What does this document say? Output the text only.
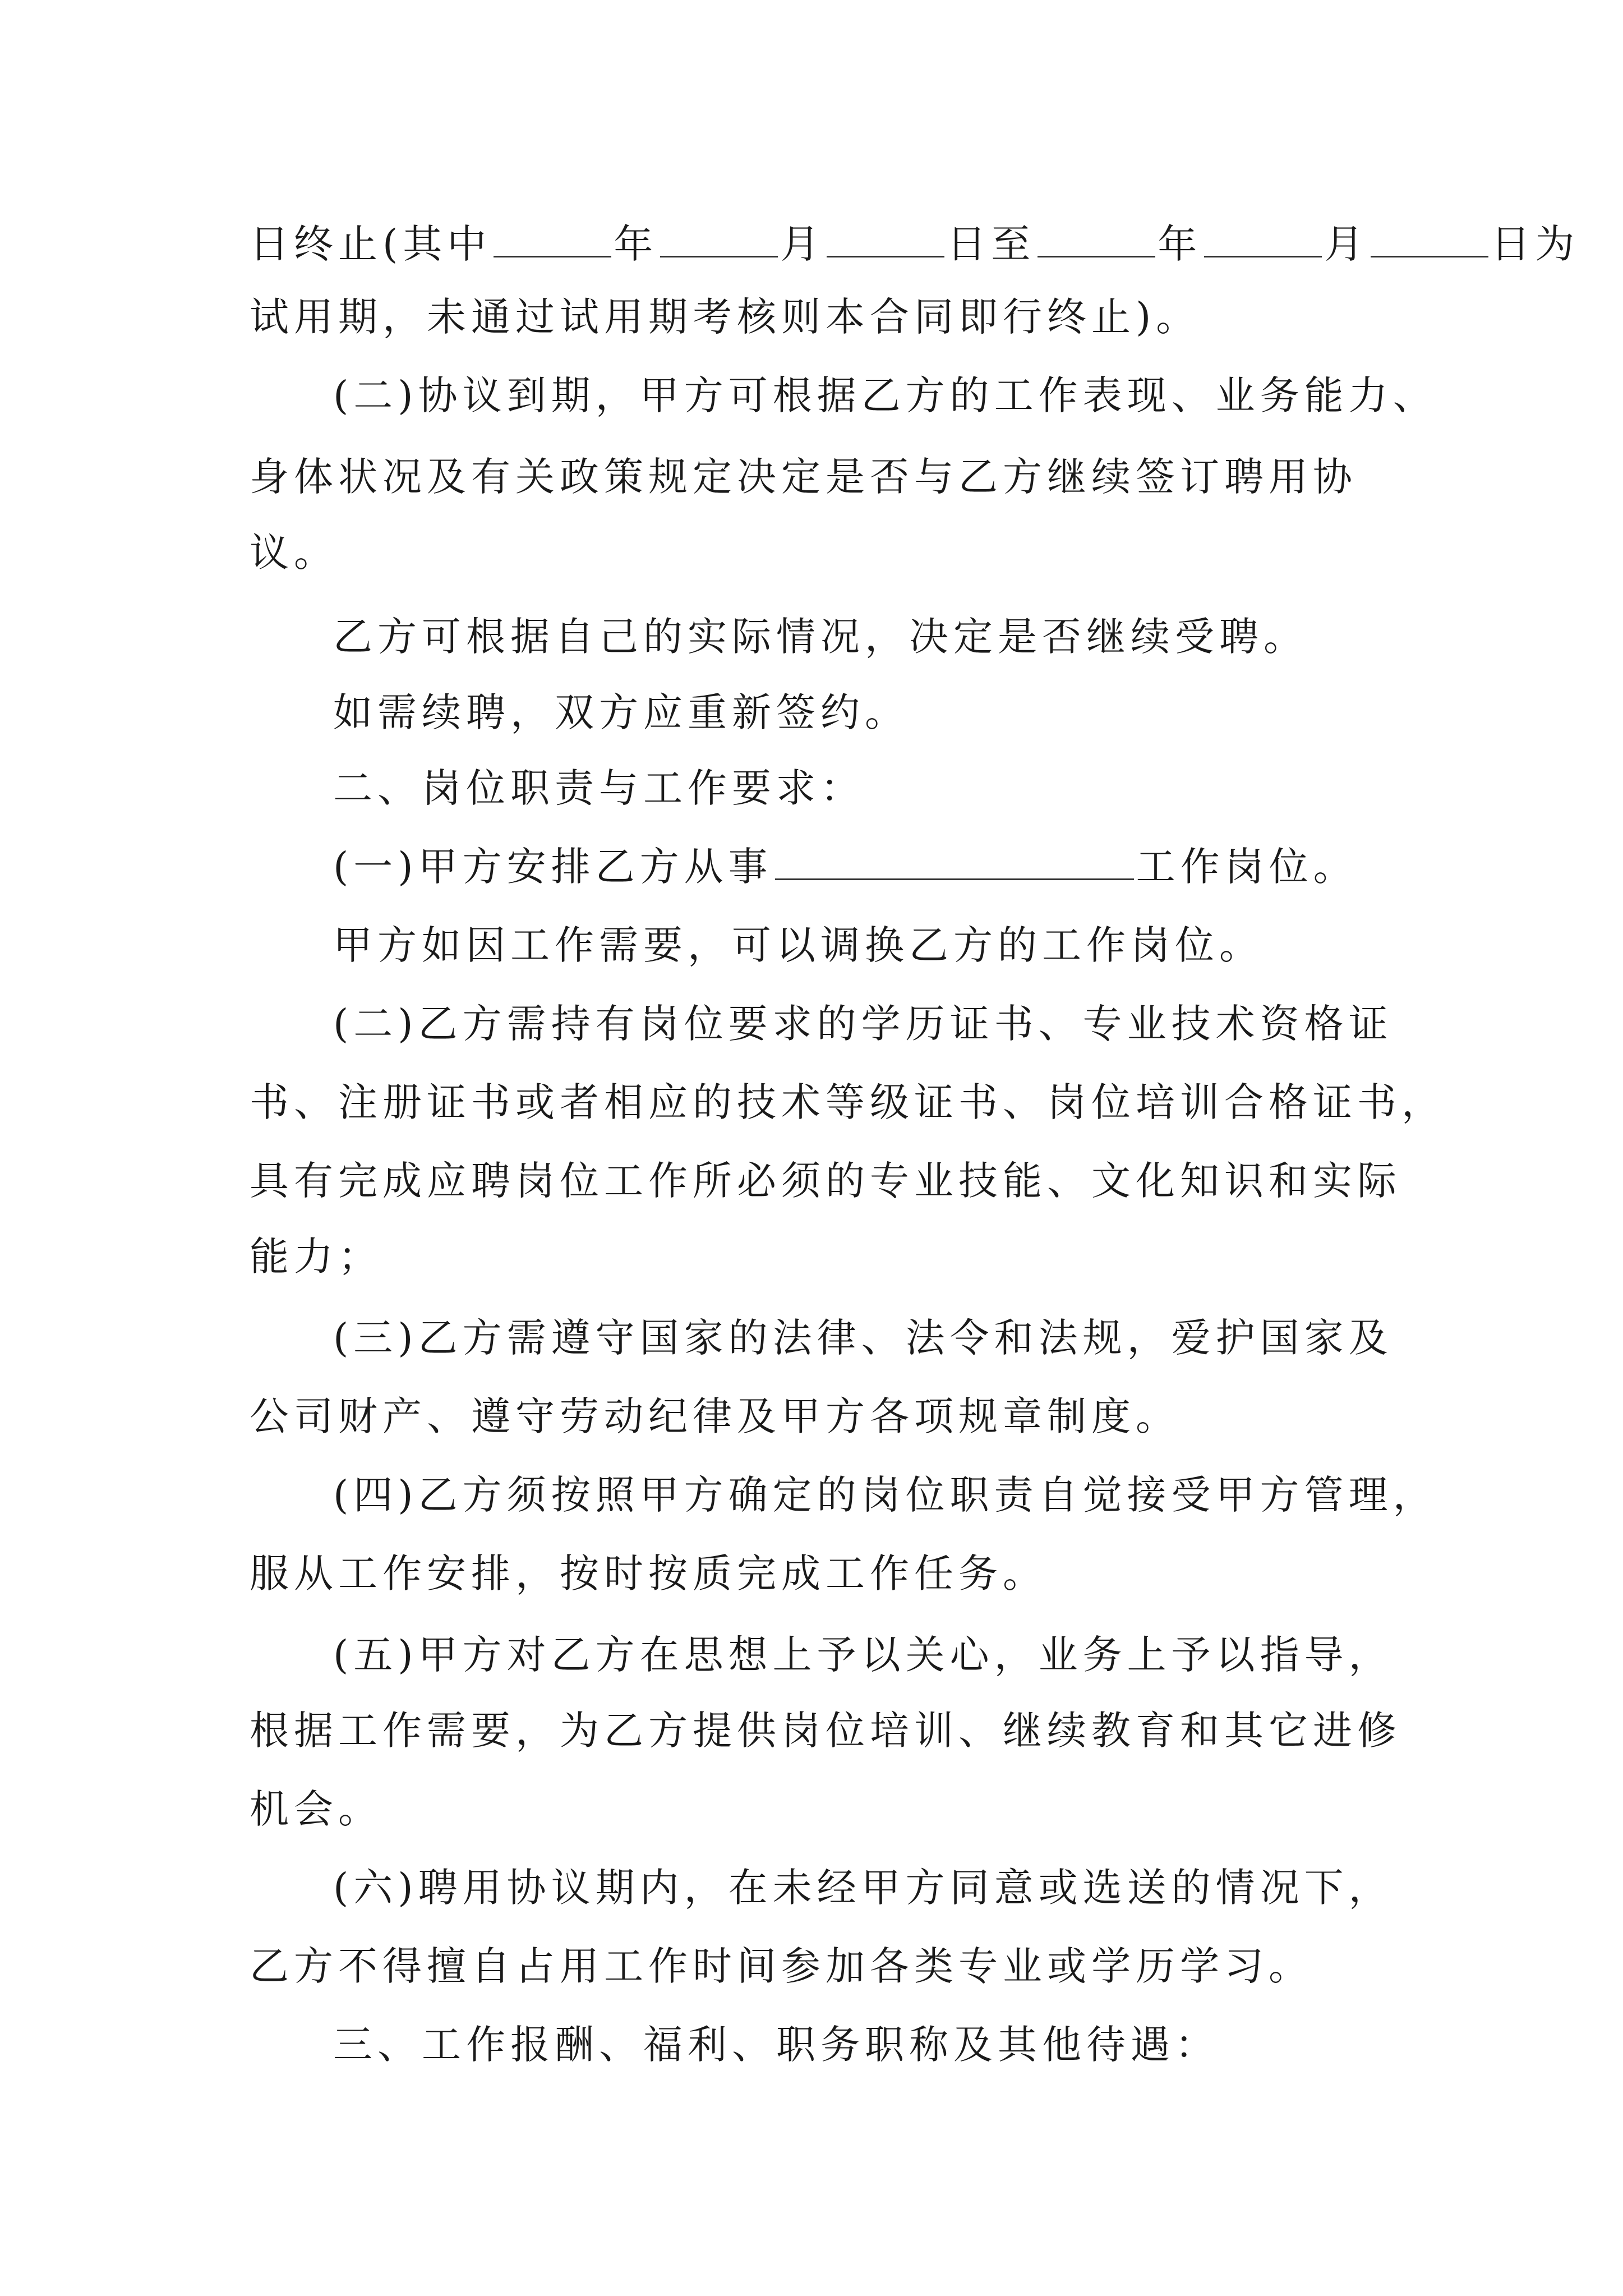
日终止(其中	年	月	日至	年	月	日为
试用期，未通过试用期考核则本合同即行终止)。
(二)协议到期，甲方可根据乙方的工作表现、业务能力、
身体状况及有关政策规定决定是否与乙方继续签订聘用协
议。
乙方可根据自己的实际情况，决定是否继续受聘。
如需续聘，双方应重新签约。
二、岗位职责与工作要求：
(一)甲方安排乙方从事	工作岗位。
甲方如因工作需要，可以调换乙方的工作岗位。
(二)乙方需持有岗位要求的学历证书、专业技术资格证
书、注册证书或者相应的技术等级证书、岗位培训合格证书，
具有完成应聘岗位工作所必须的专业技能、文化知识和实际
能力；
(三)乙方需遵守国家的法律、法令和法规，爱护国家及
公司财产、遵守劳动纪律及甲方各项规章制度。
(四)乙方须按照甲方确定的岗位职责自觉接受甲方管理，
服从工作安排，按时按质完成工作任务。
(五)甲方对乙方在思想上予以关心，业务上予以指导，
根据工作需要，为乙方提供岗位培训、继续教育和其它进修
机会。
(六)聘用协议期内，在未经甲方同意或选送的情况下，
乙方不得擅自占用工作时间参加各类专业或学历学习。
三、工作报酬、福利、职务职称及其他待遇：
